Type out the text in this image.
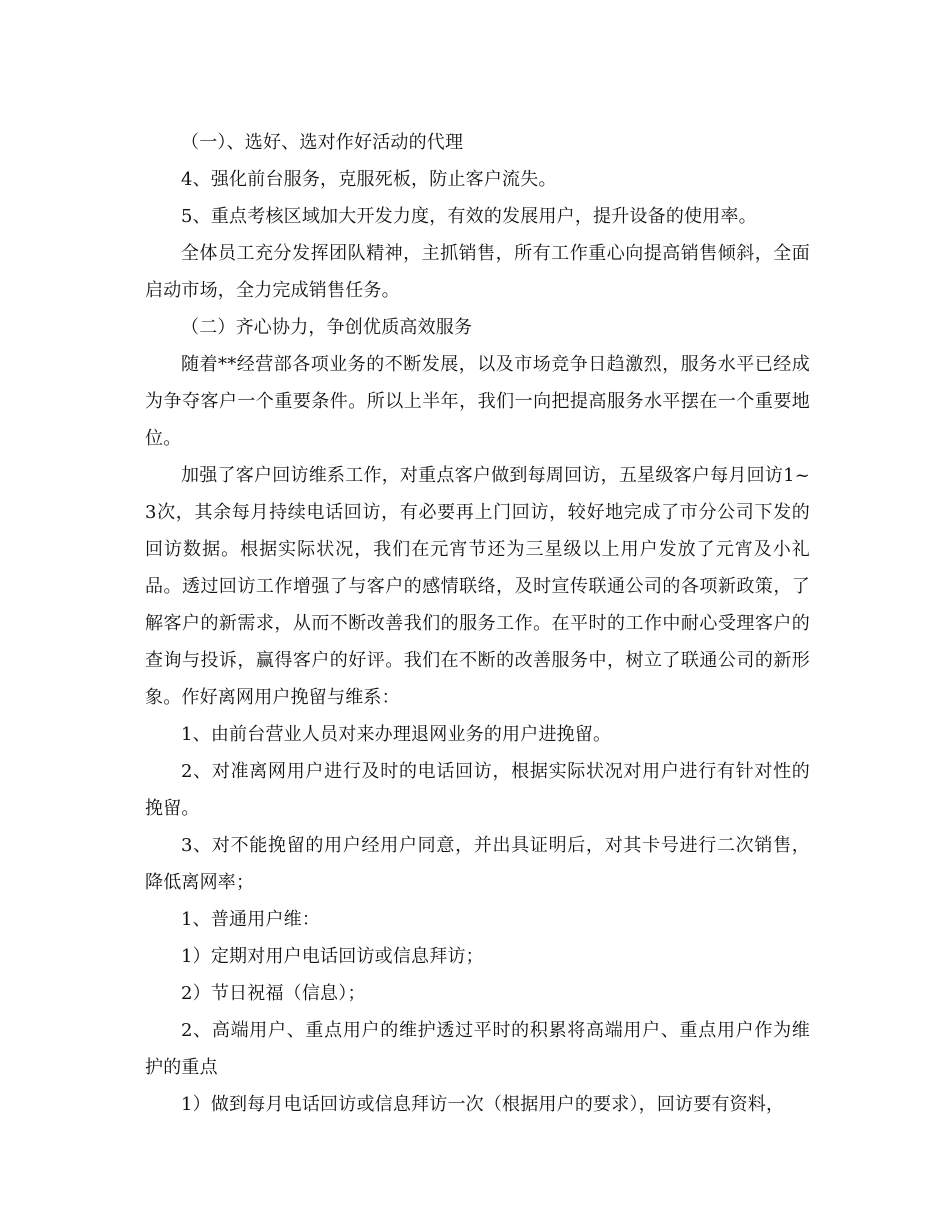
（一）、选好、选对作好活动的代理

4、强化前台服务，克服死板，防止客户流失。

5、重点考核区域加大开发力度，有效的发展用户，提升设备的使用率。

全体员工充分发挥团队精神，主抓销售，所有工作重心向提高销售倾斜，全面启动市场，全力完成销售任务。

（二）齐心协力，争创优质高效服务

随着**经营部各项业务的不断发展，以及市场竞争日趋激烈，服务水平已经成为争夺客户一个重要条件。所以上半年，我们一向把提高服务水平摆在一个重要地位。

加强了客户回访维系工作，对重点客户做到每周回访，五星级客户每月回访1~3次，其余每月持续电话回访，有必要再上门回访，较好地完成了市分公司下发的回访数据。根据实际状况，我们在元宵节还为三星级以上用户发放了元宵及小礼品。透过回访工作增强了与客户的感情联络，及时宣传联通公司的各项新政策，了解客户的新需求，从而不断改善我们的服务工作。在平时的工作中耐心受理客户的查询与投诉，赢得客户的好评。我们在不断的改善服务中，树立了联通公司的新形象。作好离网用户挽留与维系：

1、由前台营业人员对来办理退网业务的用户进挽留。

2、对准离网用户进行及时的电话回访，根据实际状况对用户进行有针对性的挽留。

3、对不能挽留的用户经用户同意，并出具证明后，对其卡号进行二次销售，降低离网率；

1、普通用户维：

1）定期对用户电话回访或信息拜访；

2）节日祝福（信息）；

2、高端用户、重点用户的维护透过平时的积累将高端用户、重点用户作为维护的重点

1）做到每月电话回访或信息拜访一次（根据用户的要求），回访要有资料，
